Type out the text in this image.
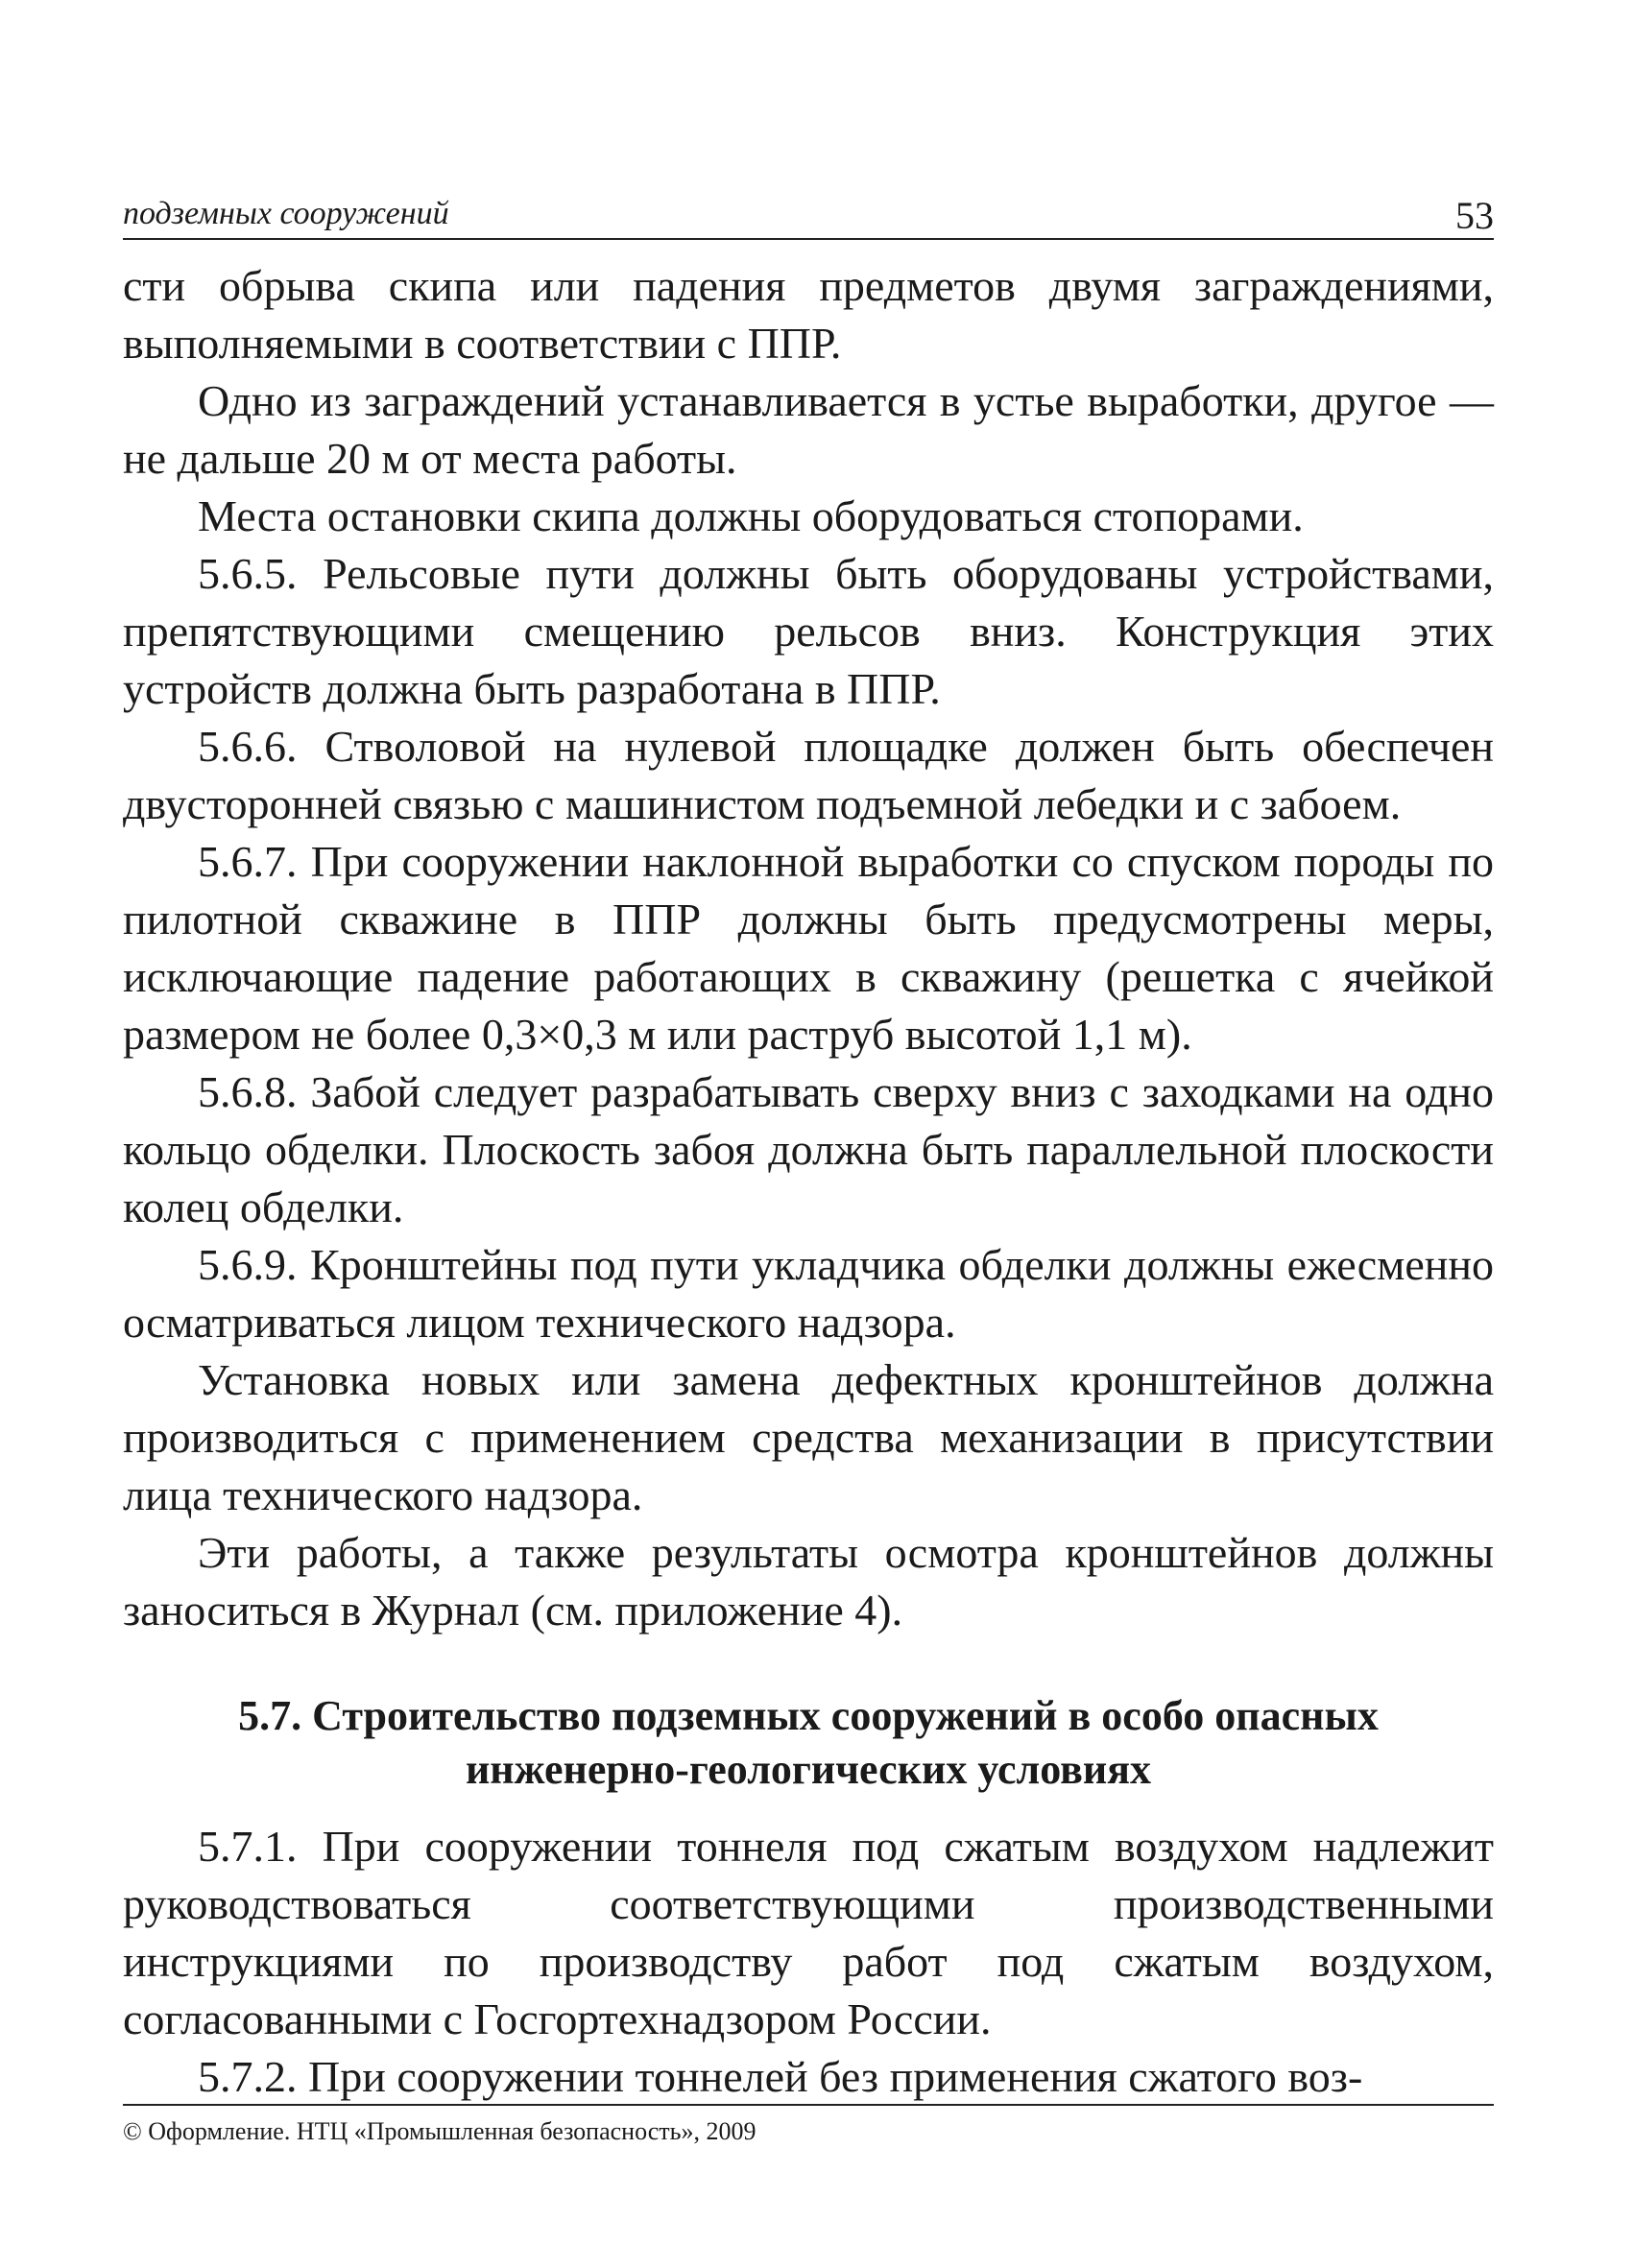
подземных сооружений	53

сти обрыва скипа или падения предметов двумя заграждениями, выполняемыми в соответствии с ППР.

Одно из заграждений устанавливается в устье выработки, другое — не дальше 20 м от места работы.

Места остановки скипа должны оборудоваться стопорами.

5.6.5. Рельсовые пути должны быть оборудованы устройствами, препятствующими смещению рельсов вниз. Конструкция этих устройств должна быть разработана в ППР.

5.6.6. Стволовой на нулевой площадке должен быть обеспечен двусторонней связью с машинистом подъемной лебедки и с забоем.

5.6.7. При сооружении наклонной выработки со спуском породы по пилотной скважине в ППР должны быть предусмотрены меры, исключающие падение работающих в скважину (решетка с ячейкой размером не более 0,3×0,3 м или раструб высотой 1,1 м).

5.6.8. Забой следует разрабатывать сверху вниз с заходками на одно кольцо обделки. Плоскость забоя должна быть параллельной плоскости колец обделки.

5.6.9. Кронштейны под пути укладчика обделки должны ежесменно осматриваться лицом технического надзора.

Установка новых или замена дефектных кронштейнов должна производиться с применением средства механизации в присутствии лица технического надзора.

Эти работы, а также результаты осмотра кронштейнов должны заноситься в Журнал (см. приложение 4).

5.7. Строительство подземных сооружений в особо опасных инженерно-геологических условиях

5.7.1. При сооружении тоннеля под сжатым воздухом надлежит руководствоваться соответствующими производственными инструкциями по производству работ под сжатым воздухом, согласованными с Госгортехнадзором России.

5.7.2. При сооружении тоннелей без применения сжатого воз-

© Оформление. НТЦ «Промышленная безопасность», 2009
